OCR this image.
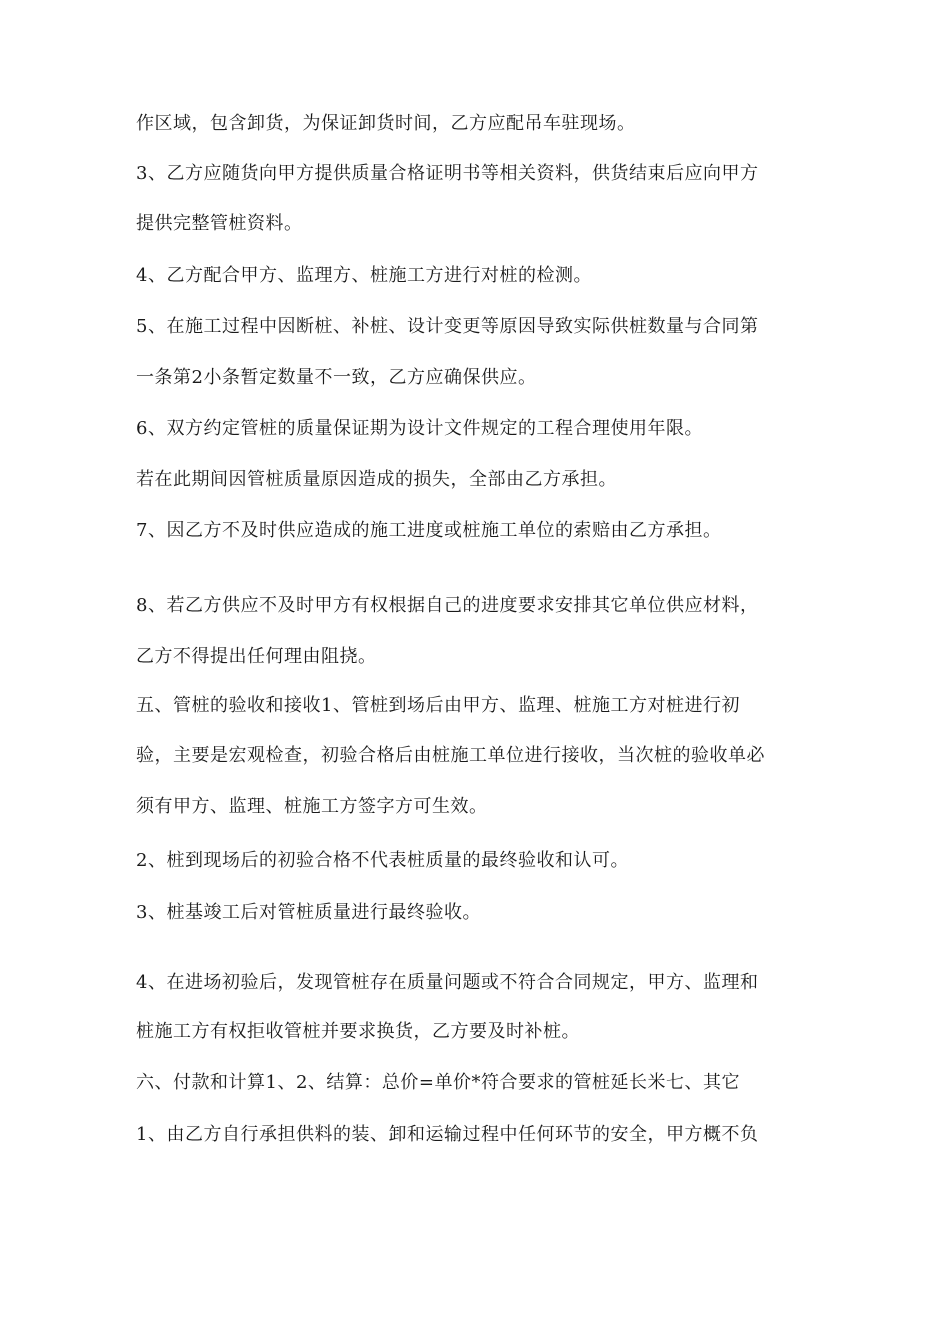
作区域，包含卸货，为保证卸货时间，乙方应配吊车驻现场。
3、乙方应随货向甲方提供质量合格证明书等相关资料，供货结束后应向甲方
提供完整管桩资料。
4、乙方配合甲方、监理方、桩施工方进行对桩的检测。
5、在施工过程中因断桩、补桩、设计变更等原因导致实际供桩数量与合同第
一条第2小条暂定数量不一致，乙方应确保供应。
6、双方约定管桩的质量保证期为设计文件规定的工程合理使用年限。
若在此期间因管桩质量原因造成的损失，全部由乙方承担。
7、因乙方不及时供应造成的施工进度或桩施工单位的索赔由乙方承担。
8、若乙方供应不及时甲方有权根据自己的进度要求安排其它单位供应材料，
乙方不得提出任何理由阻挠。
五、管桩的验收和接收1、管桩到场后由甲方、监理、桩施工方对桩进行初
验，主要是宏观检查，初验合格后由桩施工单位进行接收，当次桩的验收单必
须有甲方、监理、桩施工方签字方可生效。
2、桩到现场后的初验合格不代表桩质量的最终验收和认可。
3、桩基竣工后对管桩质量进行最终验收。
4、在进场初验后，发现管桩存在质量问题或不符合合同规定，甲方、监理和
桩施工方有权拒收管桩并要求换货，乙方要及时补桩。
六、付款和计算1、2、结算：总价=单价*符合要求的管桩延长米七、其它
1、由乙方自行承担供料的装、卸和运输过程中任何环节的安全，甲方概不负
